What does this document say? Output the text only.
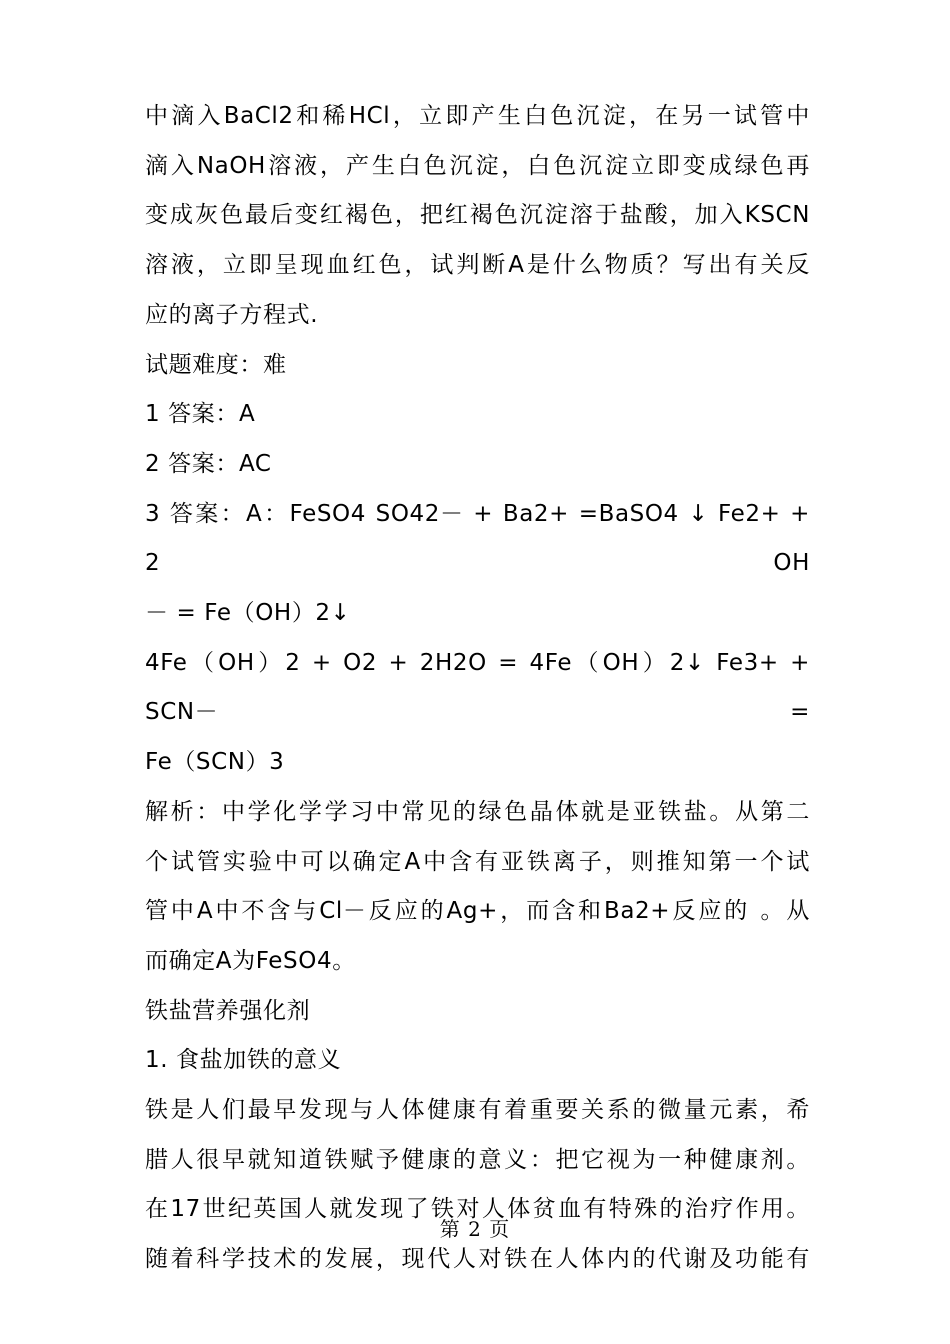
中滴入BaCl2和稀HCl，立即产生白色沉淀，在另一试管中
滴入NaOH溶液，产生白色沉淀，白色沉淀立即变成绿色再
变成灰色最后变红褐色，把红褐色沉淀溶于盐酸，加入KSCN
溶液，立即呈现血红色，试判断A是什么物质？写出有关反
应的离子方程式.
试题难度：难
1 答案：A
2 答案：AC
3 答案：A：FeSO4 SO42－ + Ba2+ =BaSO4 ↓ Fe2+ + 2 OH
－ = Fe（OH）2↓
4Fe（OH）2 + O2 + 2H2O = 4Fe（OH）2↓ Fe3+ + SCN－ =
Fe（SCN）3
解析：中学化学学习中常见的绿色晶体就是亚铁盐。从第二
个试管实验中可以确定A中含有亚铁离子，则推知第一个试
管中A中不含与Cl－反应的Ag+，而含和Ba2+反应的 。从
而确定A为FeSO4。
铁盐营养强化剂
1. 食盐加铁的意义
铁是人们最早发现与人体健康有着重要关系的微量元素，希
腊人很早就知道铁赋予健康的意义：把它视为一种健康剂。
在17世纪英国人就发现了铁对人体贫血有特殊的治疗作用。
随着科学技术的发展，现代人对铁在人体内的代谢及功能有
第 2 页
